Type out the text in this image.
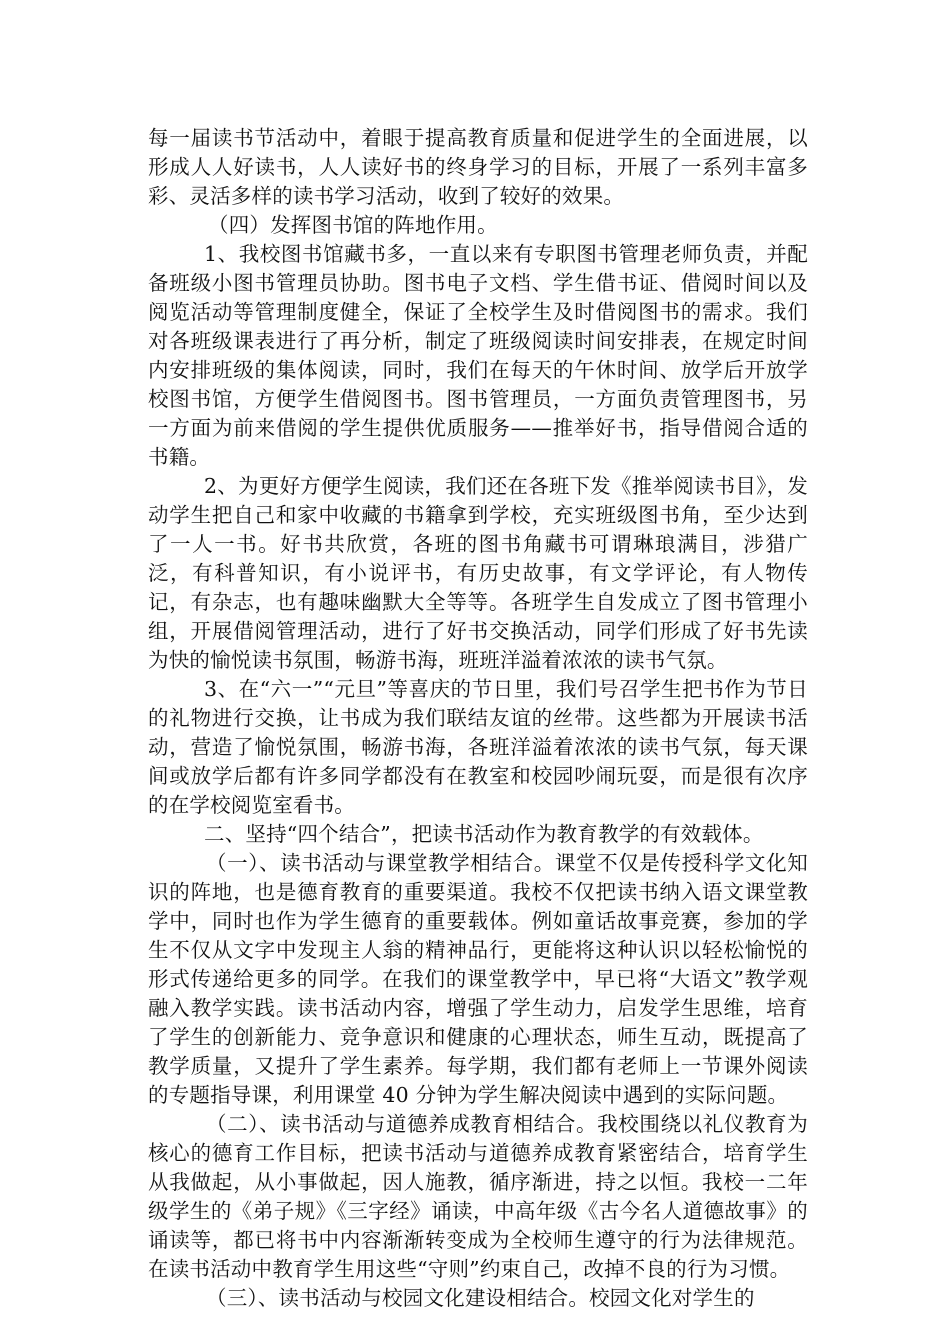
每一届读书节活动中，着眼于提高教育质量和促进学生的全面进展，以形成人人好读书，人人读好书的终身学习的目标，开展了一系列丰富多彩、灵活多样的读书学习活动，收到了较好的效果。

（四）发挥图书馆的阵地作用。

1、我校图书馆藏书多，一直以来有专职图书管理老师负责，并配备班级小图书管理员协助。图书电子文档、学生借书证、借阅时间以及阅览活动等管理制度健全，保证了全校学生及时借阅图书的需求。我们对各班级课表进行了再分析，制定了班级阅读时间安排表，在规定时间内安排班级的集体阅读，同时，我们在每天的午休时间、放学后开放学校图书馆，方便学生借阅图书。图书管理员，一方面负责管理图书，另一方面为前来借阅的学生提供优质服务——推举好书，指导借阅合适的书籍。

2、为更好方便学生阅读，我们还在各班下发《推举阅读书目》，发动学生把自己和家中收藏的书籍拿到学校，充实班级图书角，至少达到了一人一书。好书共欣赏，各班的图书角藏书可谓琳琅满目，涉猎广泛，有科普知识，有小说评书，有历史故事，有文学评论，有人物传记，有杂志，也有趣味幽默大全等等。各班学生自发成立了图书管理小组，开展借阅管理活动，进行了好书交换活动，同学们形成了好书先读为快的愉悦读书氛围，畅游书海，班班洋溢着浓浓的读书气氛。

3、在“六一”“元旦”等喜庆的节日里，我们号召学生把书作为节日的礼物进行交换，让书成为我们联结友谊的丝带。这些都为开展读书活动，营造了愉悦氛围，畅游书海，各班洋溢着浓浓的读书气氛，每天课间或放学后都有许多同学都没有在教室和校园吵闹玩耍，而是很有次序的在学校阅览室看书。

二、坚持“四个结合”，把读书活动作为教育教学的有效载体。

（一）、读书活动与课堂教学相结合。课堂不仅是传授科学文化知识的阵地，也是德育教育的重要渠道。我校不仅把读书纳入语文课堂教学中，同时也作为学生德育的重要载体。例如童话故事竞赛，参加的学生不仅从文字中发现主人翁的精神品行，更能将这种认识以轻松愉悦的形式传递给更多的同学。在我们的课堂教学中，早已将“大语文”教学观融入教学实践。读书活动内容，增强了学生动力，启发学生思维，培育了学生的创新能力、竞争意识和健康的心理状态，师生互动，既提高了教学质量，又提升了学生素养。每学期，我们都有老师上一节课外阅读的专题指导课，利用课堂 40 分钟为学生解决阅读中遇到的实际问题。

（二）、读书活动与道德养成教育相结合。我校围绕以礼仪教育为核心的德育工作目标，把读书活动与道德养成教育紧密结合，培育学生从我做起，从小事做起，因人施教，循序渐进，持之以恒。我校一二年级学生的《弟子规》《三字经》诵读，中高年级《古今名人道德故事》的诵读等，都已将书中内容渐渐转变成为全校师生遵守的行为法律规范。在读书活动中教育学生用这些“守则”约束自己，改掉不良的行为习惯。

（三）、读书活动与校园文化建设相结合。校园文化对学生的
